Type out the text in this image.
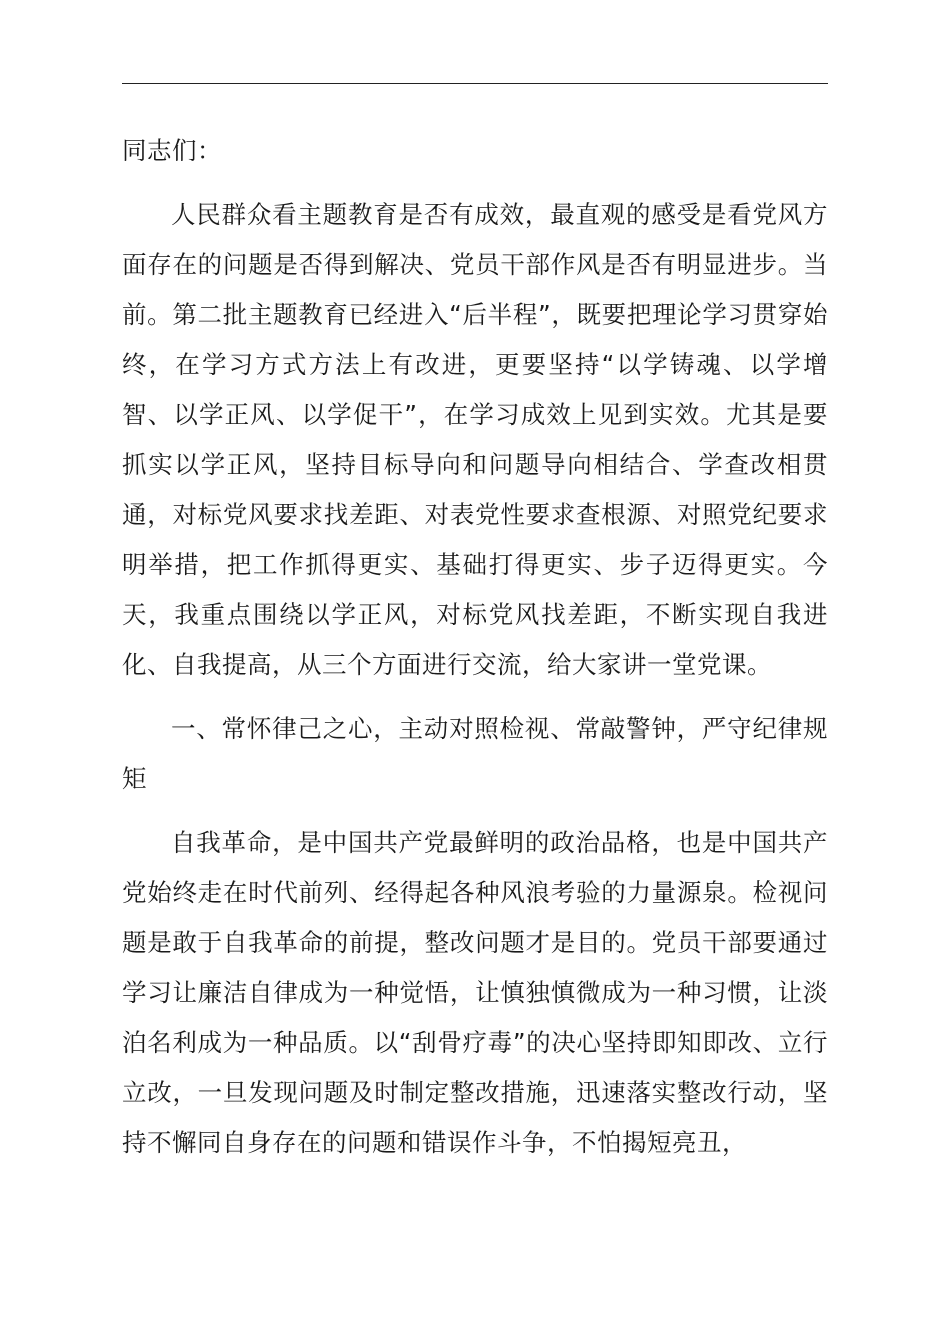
同志们：

人民群众看主题教育是否有成效，最直观的感受是看党风方面存在的问题是否得到解决、党员干部作风是否有明显进步。当前。第二批主题教育已经进入“后半程”，既要把理论学习贯穿始终，在学习方式方法上有改进，更要坚持“以学铸魂、以学增智、以学正风、以学促干”，在学习成效上见到实效。尤其是要抓实以学正风，坚持目标导向和问题导向相结合、学查改相贯通，对标党风要求找差距、对表党性要求查根源、对照党纪要求明举措，把工作抓得更实、基础打得更实、步子迈得更实。今天，我重点围绕以学正风，对标党风找差距，不断实现自我进化、自我提高，从三个方面进行交流，给大家讲一堂党课。

一、常怀律己之心，主动对照检视、常敲警钟，严守纪律规矩

自我革命，是中国共产党最鲜明的政治品格，也是中国共产党始终走在时代前列、经得起各种风浪考验的力量源泉。检视问题是敢于自我革命的前提，整改问题才是目的。党员干部要通过学习让廉洁自律成为一种觉悟，让慎独慎微成为一种习惯，让淡泊名利成为一种品质。以“刮骨疗毒”的决心坚持即知即改、立行立改，一旦发现问题及时制定整改措施，迅速落实整改行动，坚持不懈同自身存在的问题和错误作斗争，不怕揭短亮丑，
